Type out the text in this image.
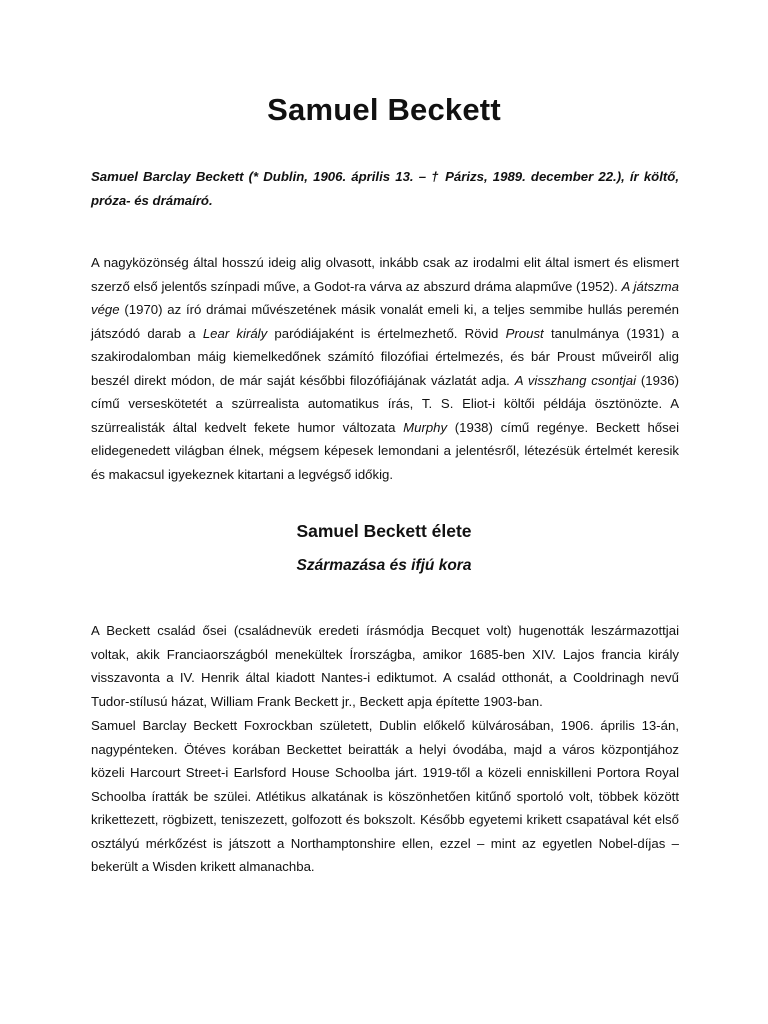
Samuel Beckett

Samuel Barclay Beckett (* Dublin, 1906. április 13. – † Párizs, 1989. december 22.), ír költő, próza- és drámaíró.

A nagyközönség által hosszú ideig alig olvasott, inkább csak az irodalmi elit által ismert és elismert szerző első jelentős színpadi műve, a Godot-ra várva az abszurd dráma alapműve (1952). A játszma vége (1970) az író drámai művészetének másik vonalát emeli ki, a teljes semmibe hullás peremén játszódó darab a Lear király paródiájaként is értelmezhető. Rövid Proust tanulmánya (1931) a szakirodalomban máig kiemelkedőnek számító filozófiai értelmezés, és bár Proust műveiről alig beszél direkt módon, de már saját későbbi filozófiájának vázlatát adja. A visszhang csontjai (1936) című verseskötetét a szürrealista automatikus írás, T. S. Eliot-i költői példája ösztönözte. A szürrealisták által kedvelt fekete humor változata Murphy (1938) című regénye. Beckett hősei elidegenedett világban élnek, mégsem képesek lemondani a jelentésről, létezésük értelmét keresik és makacsul igyekeznek kitartani a legvégső időkig.

Samuel Beckett élete
Származása és ifjú kora

A Beckett család ősei (családnevük eredeti írásmódja Becquet volt) hugenották leszármazottjai voltak, akik Franciaországból menekültek Írországba, amikor 1685-ben XIV. Lajos francia király visszavonta a IV. Henrik által kiadott Nantes-i ediktumot. A család otthonát, a Cooldrinagh nevű Tudor-stílusú házat, William Frank Beckett jr., Beckett apja építette 1903-ban.

Samuel Barclay Beckett Foxrockban született, Dublin előkelő külvárosában, 1906. április 13-án, nagypénteken. Ötéves korában Beckettet beiratták a helyi óvodába, majd a város központjához közeli Harcourt Street-i Earlsford House Schoolba járt. 1919-től a közeli enniskilleni Portora Royal Schoolba íratták be szülei. Atlétikus alkatának is köszönhetően kitűnő sportoló volt, többek között krikettezett, rögbizett, teniszezett, golfozott és bokszolt. Később egyetemi krikett csapatával két első osztályú mérkőzést is játszott a Northamptonshire ellen, ezzel – mint az egyetlen Nobel-díjas – bekerült a Wisden krikett almanachba.
